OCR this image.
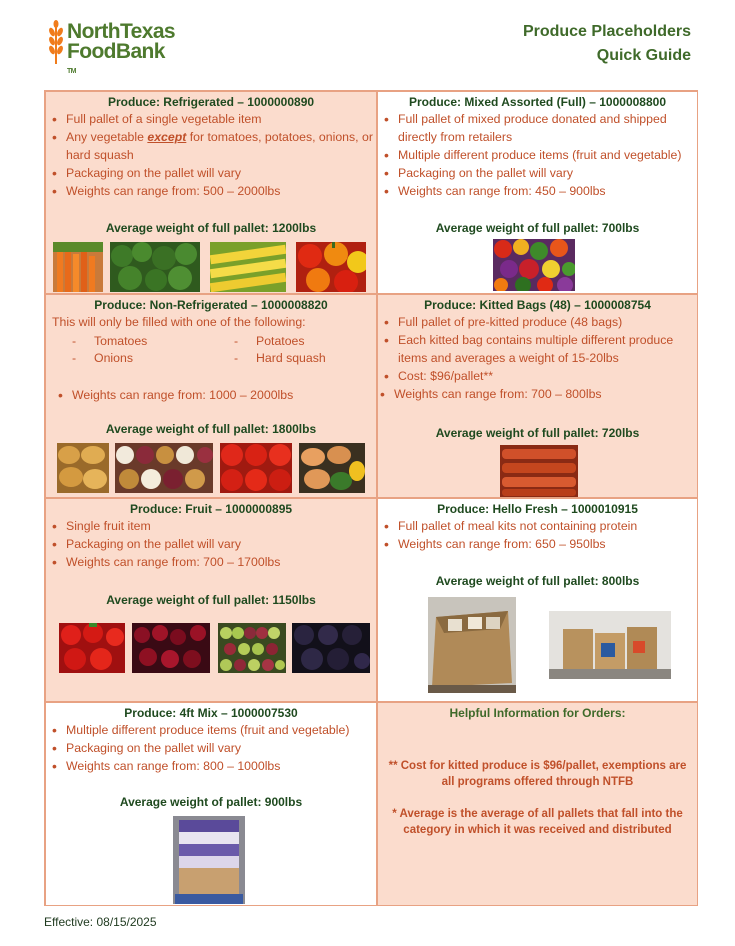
NorthTexas
FoodBank
TM
Produce Placeholders
Quick Guide
Produce: Refrigerated – 1000000890
• Full pallet of a single vegetable item
• Any vegetable except for tomatoes, potatoes, onions, or hard squash
• Packaging on the pallet will vary
• Weights can range from: 500 – 2000lbs
Average weight of full pallet: 1200lbs
Produce: Mixed Assorted (Full) – 1000008800
• Full pallet of mixed produce donated and shipped directly from retailers
• Multiple different produce items (fruit and vegetable)
• Packaging on the pallet will vary
• Weights can range from: 450 – 900lbs
Average weight of full pallet: 700lbs
Produce: Non-Refrigerated – 1000008820
This will only be filled with one of the following:
- Tomatoes
- Onions
- Potatoes
- Hard squash
• Weights can range from: 1000 – 2000lbs
Average weight of full pallet: 1800lbs
Produce: Kitted Bags (48) – 1000008754
• Full pallet of pre-kitted produce (48 bags)
• Each kitted bag contains multiple different produce items and averages a weight of 15-20lbs
• Cost: $96/pallet**
• Weights can range from: 700 – 800lbs
Average weight of full pallet: 720lbs
Produce: Fruit – 1000000895
• Single fruit item
• Packaging on the pallet will vary
• Weights can range from: 700 – 1700lbs
Average weight of full pallet: 1150lbs
Produce: Hello Fresh – 1000010915
• Full pallet of meal kits not containing protein
• Weights can range from: 650 – 950lbs
Average weight of full pallet: 800lbs
Produce: 4ft Mix – 1000007530
• Multiple different produce items (fruit and vegetable)
• Packaging on the pallet will vary
• Weights can range from: 800 – 1000lbs
Average weight of pallet: 900lbs
Helpful Information for Orders:
** Cost for kitted produce is $96/pallet, exemptions are all programs offered through NTFB
* Average is the average of all pallets that fall into the category in which it was received and distributed
Effective: 08/15/2025
